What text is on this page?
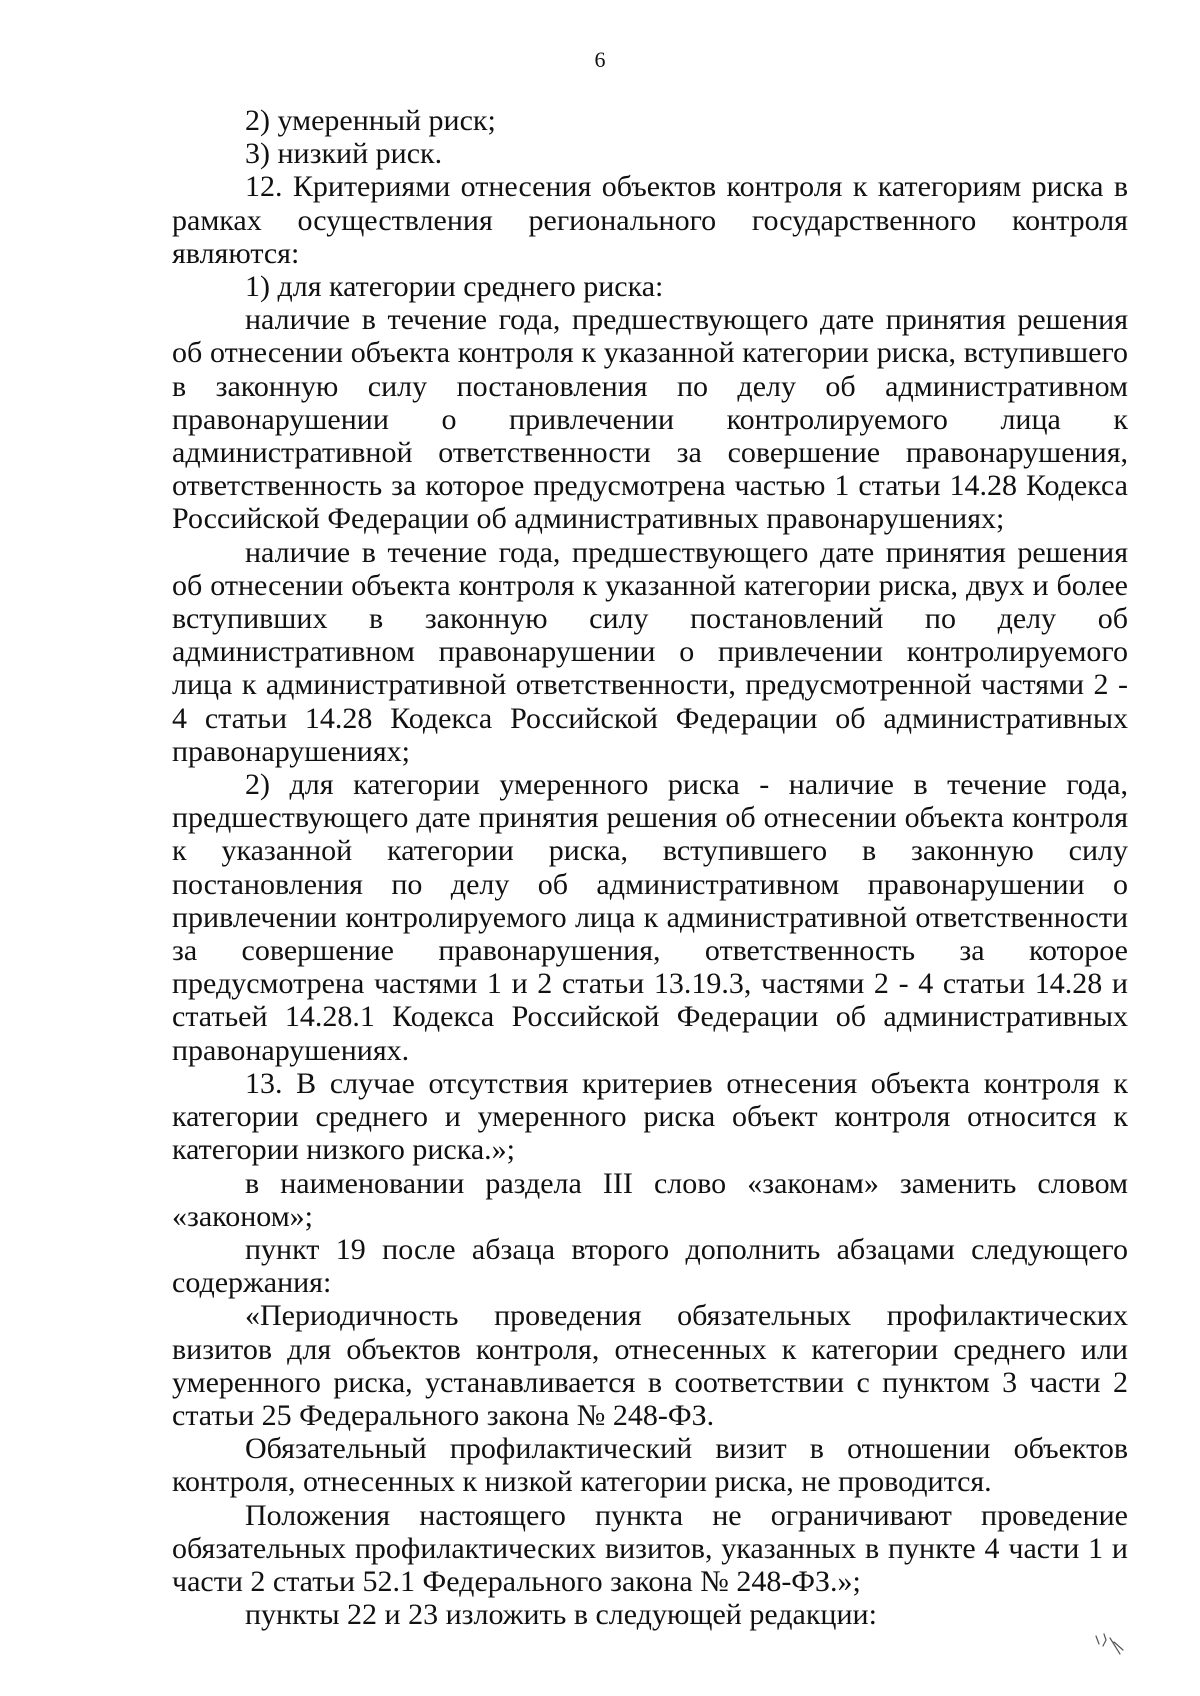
6

2) умеренный риск;

3) низкий риск.

12. Критериями отнесения объектов контроля к категориям риска в рамках осуществления регионального государственного контроля являются:

1) для категории среднего риска:

наличие в течение года, предшествующего дате принятия решения об отнесении объекта контроля к указанной категории риска, вступившего в законную силу постановления по делу об административном правонарушении о привлечении контролируемого лица к административной ответственности за совершение правонарушения, ответственность за которое предусмотрена частью 1 статьи 14.28 Кодекса Российской Федерации об административных правонарушениях;

наличие в течение года, предшествующего дате принятия решения об отнесении объекта контроля к указанной категории риска, двух и более вступивших в законную силу постановлений по делу об административном правонарушении о привлечении контролируемого лица к административной ответственности, предусмотренной частями 2 - 4 статьи 14.28 Кодекса Российской Федерации об административных правонарушениях;

2) для категории умеренного риска - наличие в течение года, предшествующего дате принятия решения об отнесении объекта контроля к указанной категории риска, вступившего в законную силу постановления по делу об административном правонарушении о привлечении контролируемого лица к административной ответственности за совершение правонарушения, ответственность за которое предусмотрена частями 1 и 2 статьи 13.19.3, частями 2 - 4 статьи 14.28 и статьей 14.28.1 Кодекса Российской Федерации об административных правонарушениях.

13. В случае отсутствия критериев отнесения объекта контроля к категории среднего и умеренного риска объект контроля относится к категории низкого риска.»;

в наименовании раздела III слово «законам» заменить словом «законом»;

пункт 19 после абзаца второго дополнить абзацами следующего содержания:

«Периодичность проведения обязательных профилактических визитов для объектов контроля, отнесенных к категории среднего или умеренного риска, устанавливается в соответствии с пунктом 3 части 2 статьи 25 Федерального закона № 248-ФЗ.

Обязательный профилактический визит в отношении объектов контроля, отнесенных к низкой категории риска, не проводится.

Положения настоящего пункта не ограничивают проведение обязательных профилактических визитов, указанных в пункте 4 части 1 и части 2 статьи 52.1 Федерального закона № 248-ФЗ.»;

пункты 22 и 23 изложить в следующей редакции:
